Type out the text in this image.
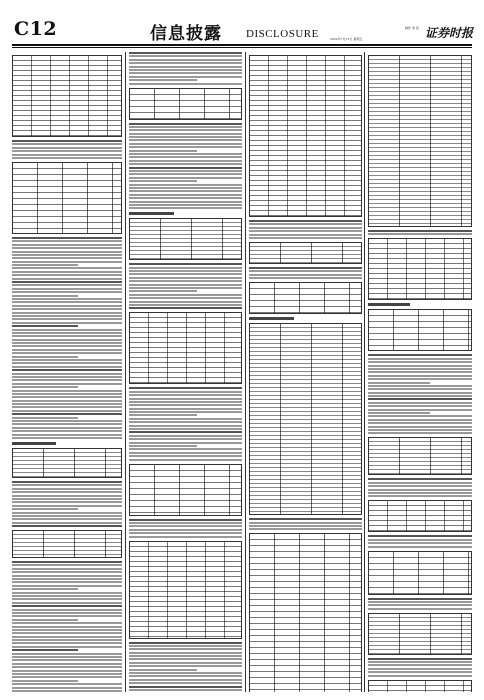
C12	信息披露 DISCLOSURE	制作 审 读 证券时报
2022年7月15日 星期五
